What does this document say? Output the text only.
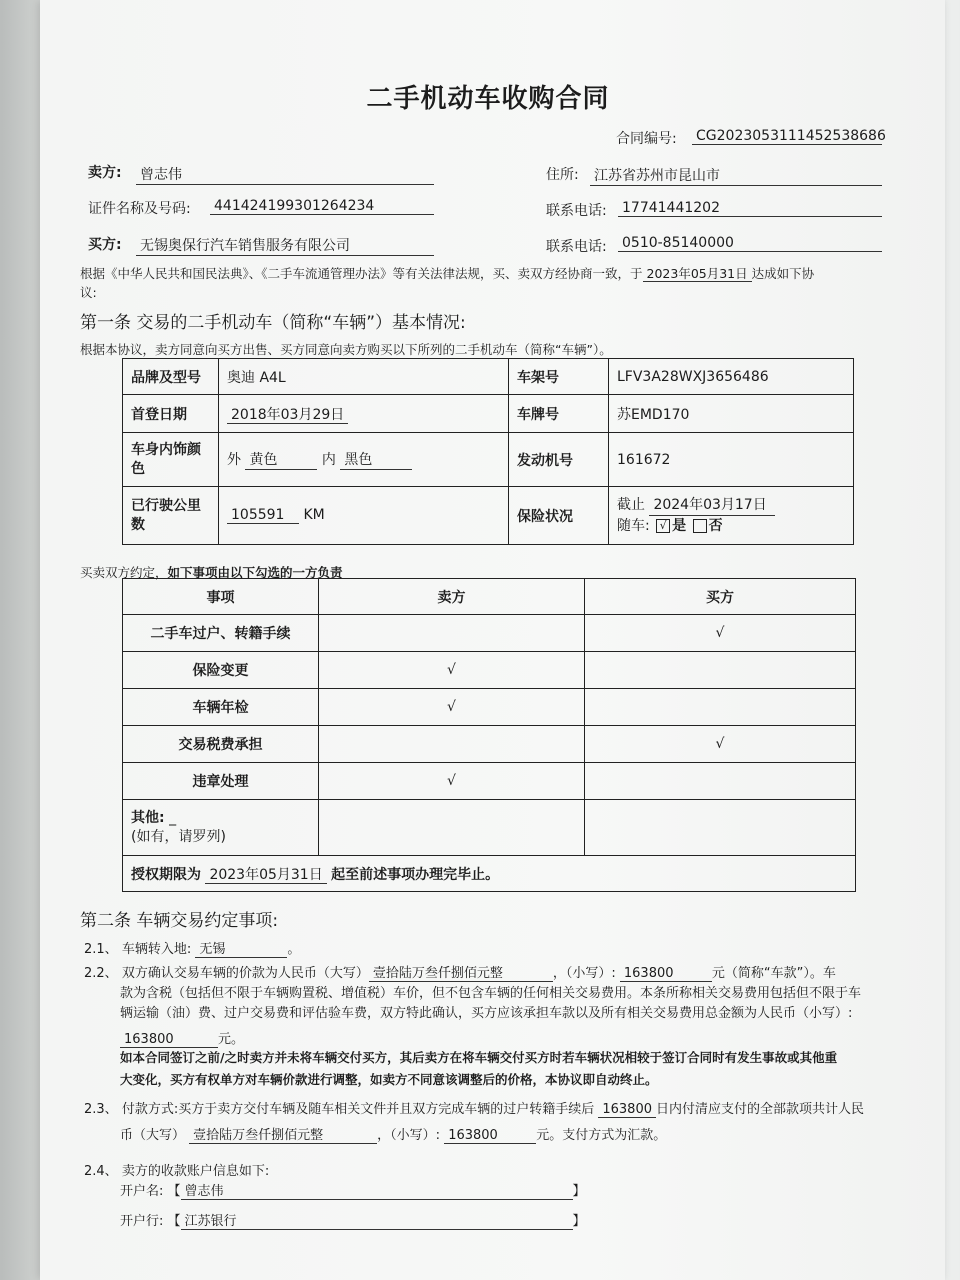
二手机动车收购合同
合同编号: CG2023053111452538686
卖方: 曾志伟	住所: 江苏省苏州市昆山市
证件名称及号码: 441424199301264234	联系电话: 17741441202
买方: 无锡奥保行汽车销售服务有限公司	联系电话: 0510-85140000
根据《中华人民共和国民法典》、《二手车流通管理办法》等有关法律法规，买、卖双方经协商一致，于 2023年05月31日 达成如下协
议:
第一条 交易的二手机动车（简称“车辆”）基本情况:
根据本协议，卖方同意向买方出售、买方同意向卖方购买以下所列的二手机动车（简称“车辆”）。
品牌及型号	奥迪 A4L	车架号	LFV3A28WXJ3656486
首登日期	2018年03月29日	车牌号	苏EMD170
车身内饰颜
色	外 黄色 内 黑色	发动机号	161672
已行驶公里
数	105591 KM	保险状况	截止 2024年03月17日
随车: √ 是 否
买卖双方约定，如下事项由以下勾选的一方负责
事项	卖方	买方
二手车过户、转籍手续		√
保险变更	√	
车辆年检	√	
交易税费承担		√
违章处理	√	
其他: _
(如有，请罗列)		
授权期限为 2023年05月31日 起至前述事项办理完毕止。		
第二条 车辆交易约定事项:
2.1、 车辆转入地: 无锡	。
2.2、 双方确认交易车辆的价款为人民币（大写） 壹拾陆万叁仟捌佰元整	，（小写）: 163800	元（简称“车款”）。车
款为含税（包括但不限于车辆购置税、增值税）车价，但不包含车辆的任何相关交易费用。本条所称相关交易费用包括但不限于车
辆运输（油）费、过户交易费和评估验车费，双方特此确认，买方应该承担车款以及所有相关交易费用总金额为人民币（小写）:
163800	元。
如本合同签订之前/之时卖方并未将车辆交付买方，其后卖方在将车辆交付买方时若车辆状况相较于签订合同时有发生事故或其他重
大变化，买方有权单方对车辆价款进行调整，如卖方不同意该调整后的价格，本协议即自动终止。
2.3、 付款方式:买方于卖方交付车辆及随车相关文件并且双方完成车辆的过户转籍手续后 163800 日内付清应支付的全部款项共计人民
币（大写） 壹拾陆万叁仟捌佰元整	，（小写）: 163800	元。支付方式为汇款。
2.4、 卖方的收款账户信息如下:
开户名: 【 曾志伟	】
开户行: 【 江苏银行	】
